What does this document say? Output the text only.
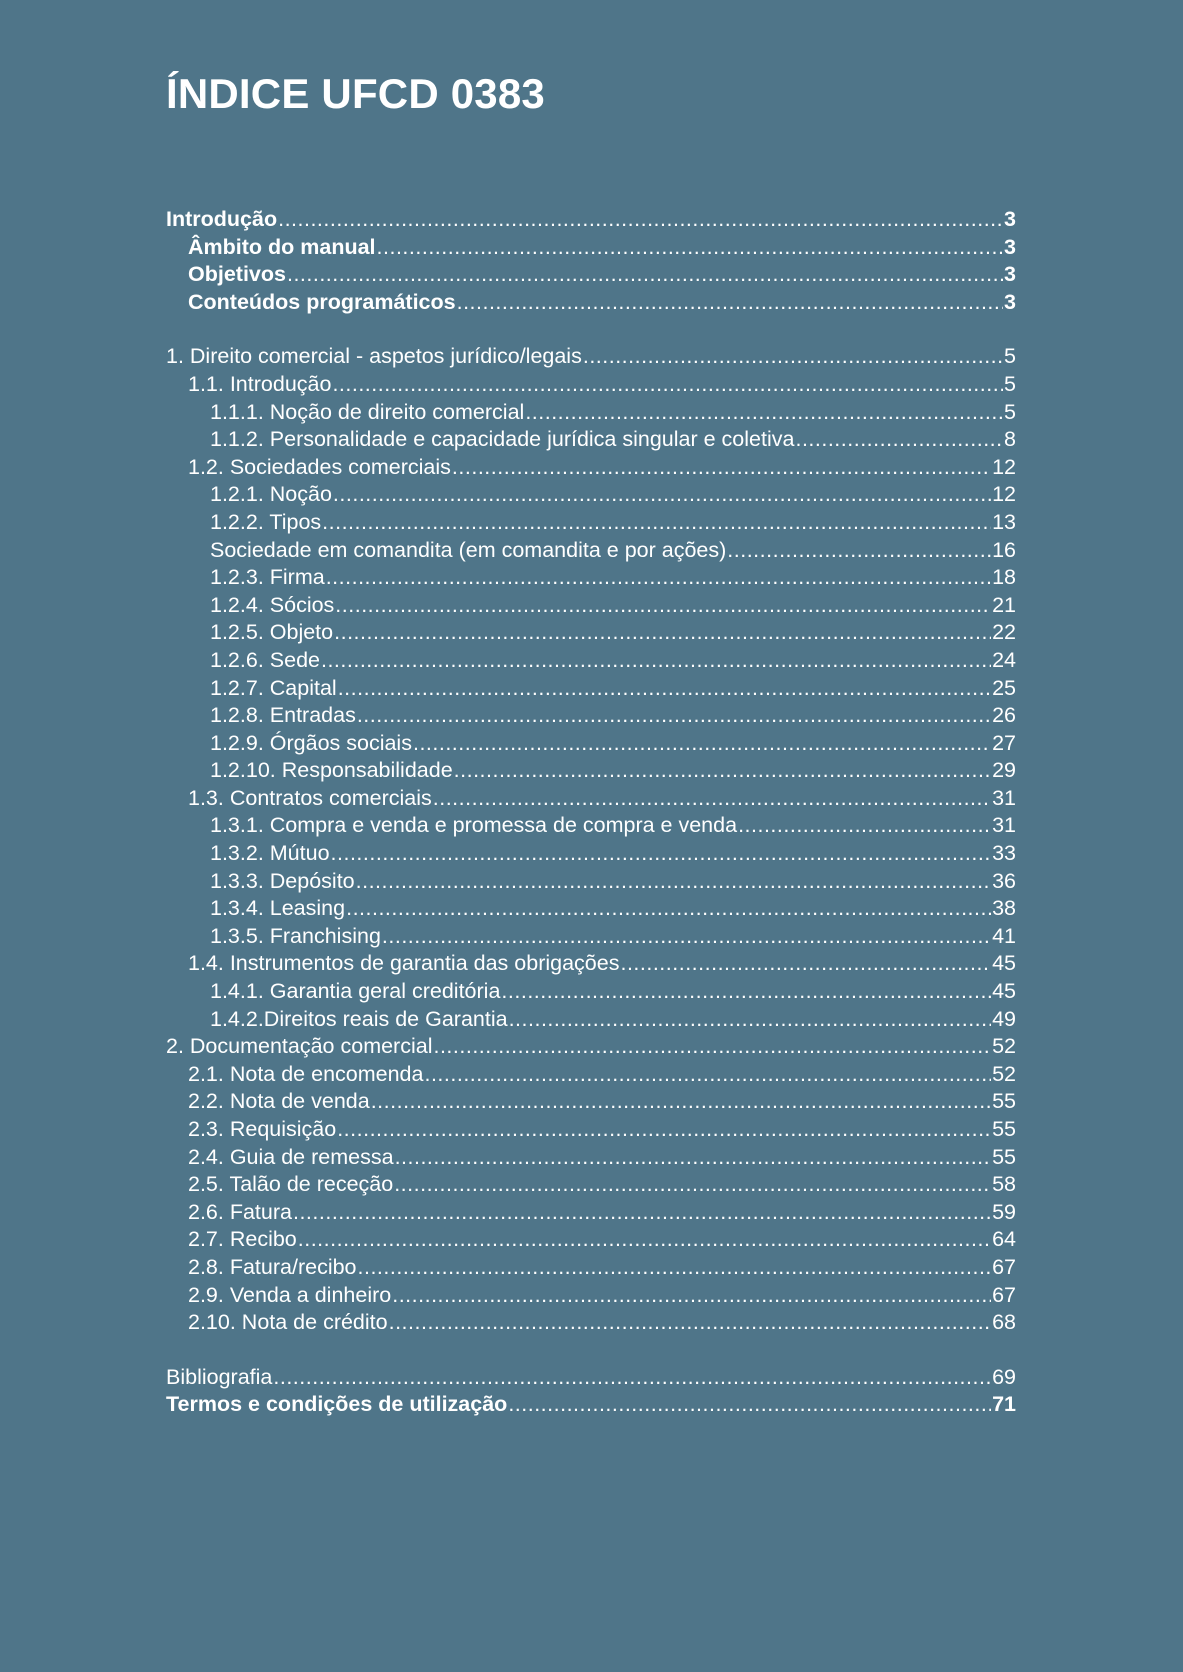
ÍNDICE UFCD 0383
Introdução .....	3
Âmbito do manual .....	3
Objetivos .....	3
Conteúdos programáticos .....	3
1. Direito comercial - aspetos jurídico/legais .....	5
1.1. Introdução .....	5
1.1.1. Noção de direito comercial .....	5
1.1.2. Personalidade e capacidade jurídica singular e coletiva .....	8
1.2. Sociedades comerciais .....	12
1.2.1. Noção .....	12
1.2.2. Tipos .....	13
Sociedade em comandita (em comandita e por ações) .....	16
1.2.3. Firma .....	18
1.2.4. Sócios .....	21
1.2.5. Objeto .....	22
1.2.6. Sede .....	24
1.2.7. Capital .....	25
1.2.8. Entradas .....	26
1.2.9. Órgãos sociais .....	27
1.2.10. Responsabilidade .....	29
1.3. Contratos comerciais .....	31
1.3.1. Compra e venda e promessa de compra e venda .....	31
1.3.2. Mútuo .....	33
1.3.3. Depósito .....	36
1.3.4. Leasing .....	38
1.3.5. Franchising .....	41
1.4. Instrumentos de garantia das obrigações .....	45
1.4.1. Garantia geral creditória .....	45
1.4.2.Direitos reais de Garantia .....	49
2. Documentação comercial .....	52
2.1. Nota de encomenda .....	52
2.2. Nota de venda .....	55
2.3. Requisição .....	55
2.4. Guia de remessa .....	55
2.5. Talão de receção .....	58
2.6. Fatura .....	59
2.7. Recibo .....	64
2.8. Fatura/recibo .....	67
2.9. Venda a dinheiro .....	67
2.10. Nota de crédito .....	68
Bibliografia .....	69
Termos e condições de utilização .....	71
